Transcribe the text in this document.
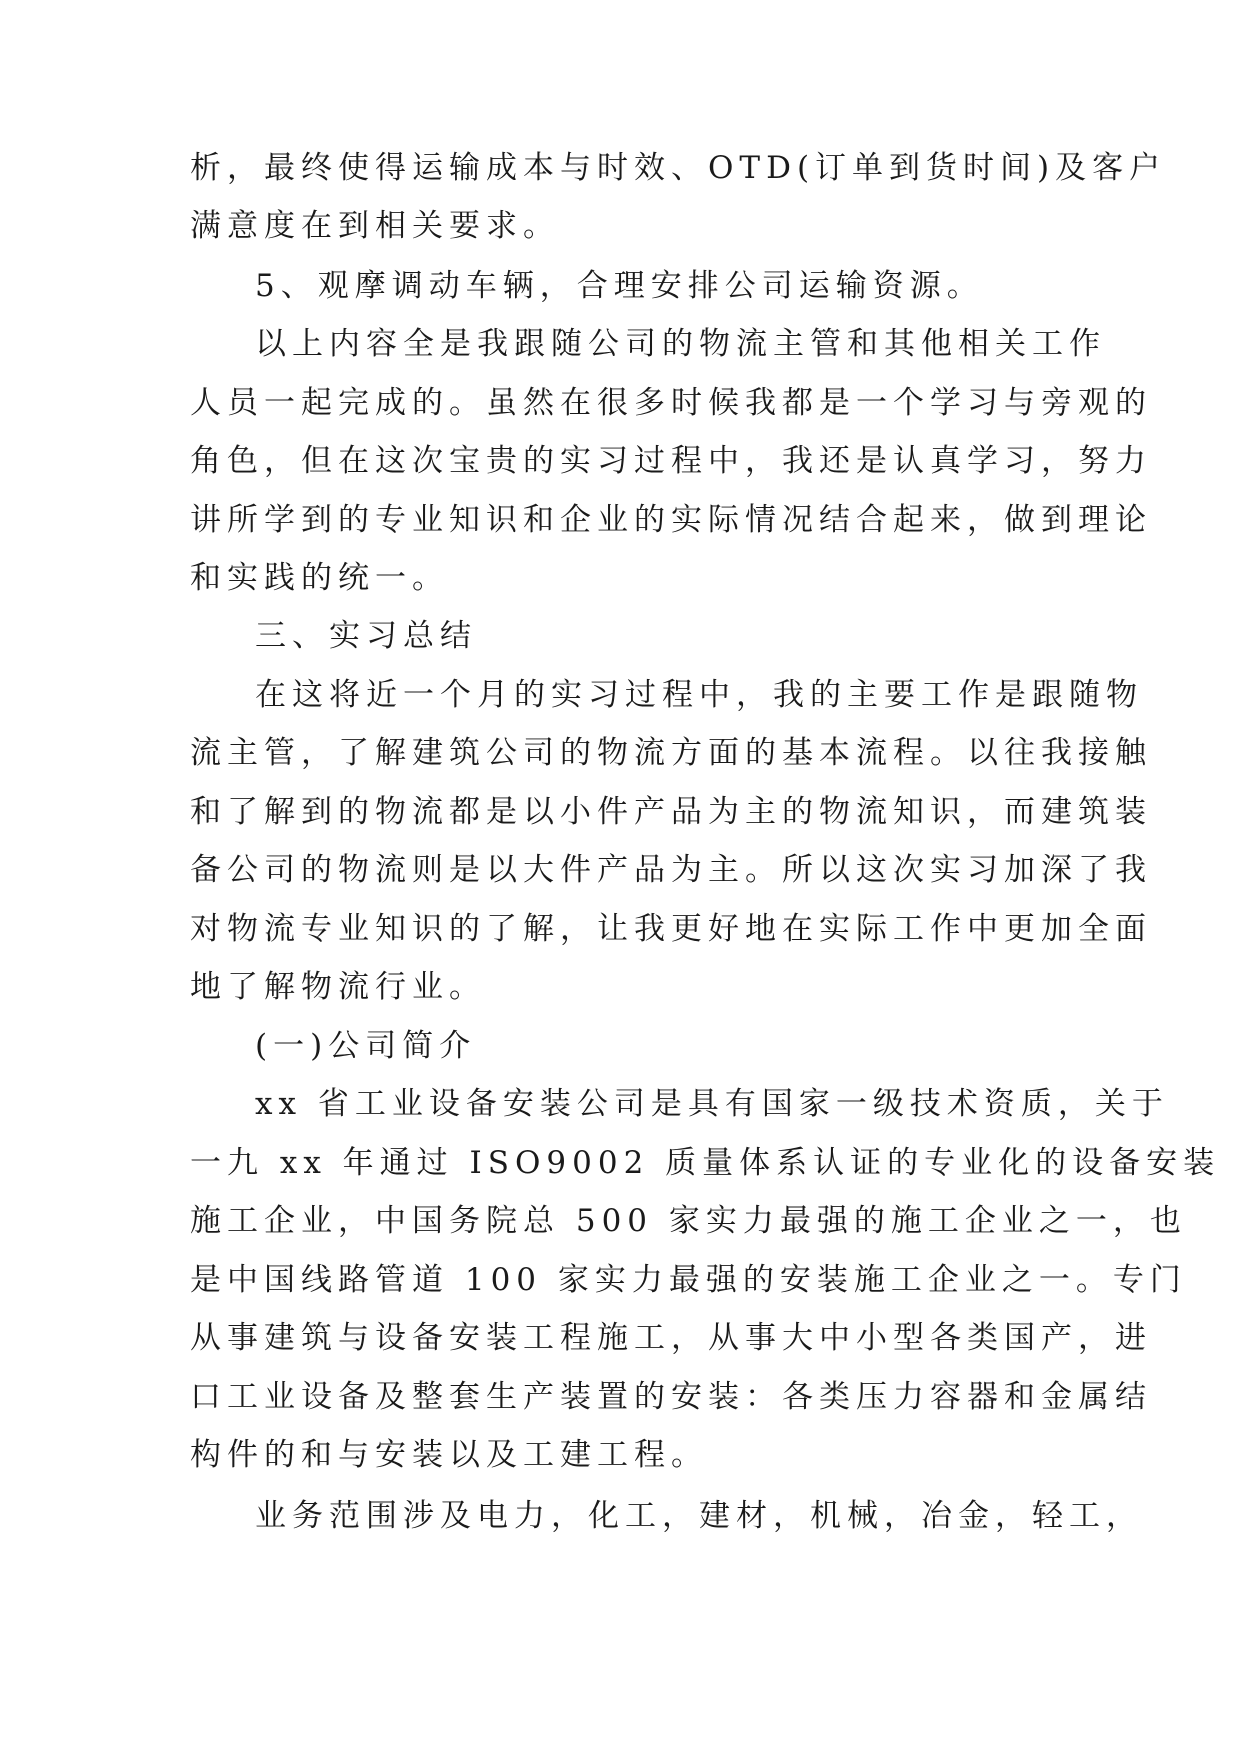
析，最终使得运输成本与时效、OTD(订单到货时间)及客户
满意度在到相关要求。
5、观摩调动车辆，合理安排公司运输资源。
以上内容全是我跟随公司的物流主管和其他相关工作
人员一起完成的。虽然在很多时候我都是一个学习与旁观的
角色，但在这次宝贵的实习过程中，我还是认真学习，努力
讲所学到的专业知识和企业的实际情况结合起来，做到理论
和实践的统一。
三、实习总结
在这将近一个月的实习过程中，我的主要工作是跟随物
流主管，了解建筑公司的物流方面的基本流程。以往我接触
和了解到的物流都是以小件产品为主的物流知识，而建筑装
备公司的物流则是以大件产品为主。所以这次实习加深了我
对物流专业知识的了解，让我更好地在实际工作中更加全面
地了解物流行业。
(一)公司简介
xx 省工业设备安装公司是具有国家一级技术资质，关于
一九 xx 年通过 ISO9002 质量体系认证的专业化的设备安装
施工企业，中国务院总 500 家实力最强的施工企业之一，也
是中国线路管道 100 家实力最强的安装施工企业之一。专门
从事建筑与设备安装工程施工，从事大中小型各类国产，进
口工业设备及整套生产装置的安装：各类压力容器和金属结
构件的和与安装以及工建工程。
业务范围涉及电力，化工，建材，机械，冶金，轻工，
